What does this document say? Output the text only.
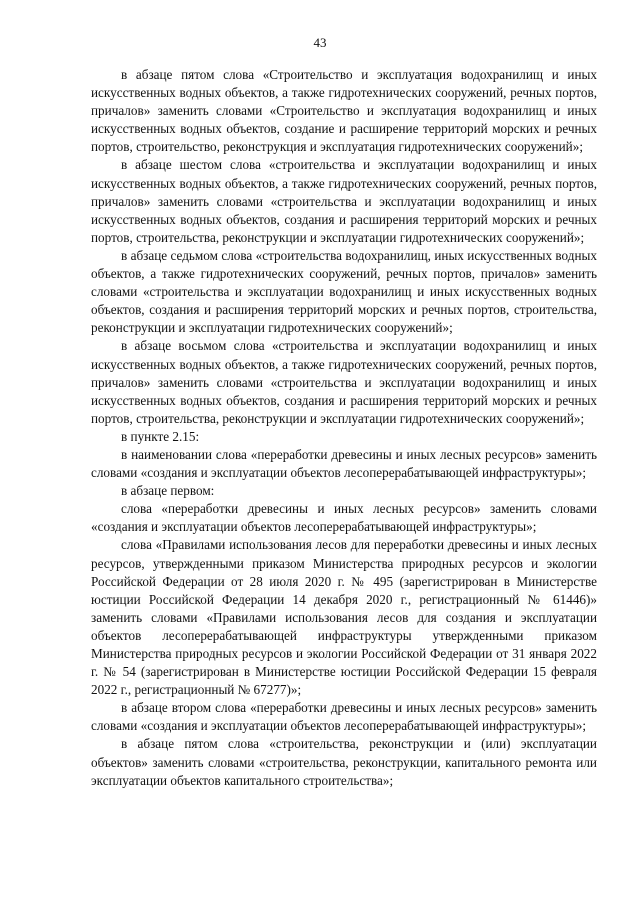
43

в абзаце пятом слова «Строительство и эксплуатация водохранилищ и иных искусственных водных объектов, а также гидротехнических сооружений, речных портов, причалов» заменить словами «Строительство и эксплуатация водохранилищ и иных искусственных водных объектов, создание и расширение территорий морских и речных портов, строительство, реконструкция и эксплуатация гидротехнических сооружений»;

в абзаце шестом слова «строительства и эксплуатации водохранилищ и иных искусственных водных объектов, а также гидротехнических сооружений, речных портов, причалов» заменить словами «строительства и эксплуатации водохранилищ и иных искусственных водных объектов, создания и расширения территорий морских и речных портов, строительства, реконструкции и эксплуатации гидротехнических сооружений»;

в абзаце седьмом слова «строительства водохранилищ, иных искусственных водных объектов, а также гидротехнических сооружений, речных портов, причалов» заменить словами «строительства и эксплуатации водохранилищ и иных искусственных водных объектов, создания и расширения территорий морских и речных портов, строительства, реконструкции и эксплуатации гидротехнических сооружений»;

в абзаце восьмом слова «строительства и эксплуатации водохранилищ и иных искусственных водных объектов, а также гидротехнических сооружений, речных портов, причалов» заменить словами «строительства и эксплуатации водохранилищ и иных искусственных водных объектов, создания и расширения территорий морских и речных портов, строительства, реконструкции и эксплуатации гидротехнических сооружений»;

в пункте 2.15:

в наименовании слова «переработки древесины и иных лесных ресурсов» заменить словами «создания и эксплуатации объектов лесоперерабатывающей инфраструктуры»;

в абзаце первом:

слова «переработки древесины и иных лесных ресурсов» заменить словами «создания и эксплуатации объектов лесоперерабатывающей инфраструктуры»;

слова «Правилами использования лесов для переработки древесины и иных лесных ресурсов, утвержденными приказом Министерства природных ресурсов и экологии Российской Федерации от 28 июля 2020 г. № 495 (зарегистрирован в Министерстве юстиции Российской Федерации 14 декабря 2020 г., регистрационный № 61446)» заменить словами «Правилами использования лесов для создания и эксплуатации объектов лесоперерабатывающей инфраструктуры утвержденными приказом Министерства природных ресурсов и экологии Российской Федерации от 31 января 2022 г. № 54 (зарегистрирован в Министерстве юстиции Российской Федерации 15 февраля 2022 г., регистрационный № 67277)»;

в абзаце втором слова «переработки древесины и иных лесных ресурсов» заменить словами «создания и эксплуатации объектов лесоперерабатывающей инфраструктуры»;

в абзаце пятом слова «строительства, реконструкции и (или) эксплуатации объектов» заменить словами «строительства, реконструкции, капитального ремонта или эксплуатации объектов капитального строительства»;
